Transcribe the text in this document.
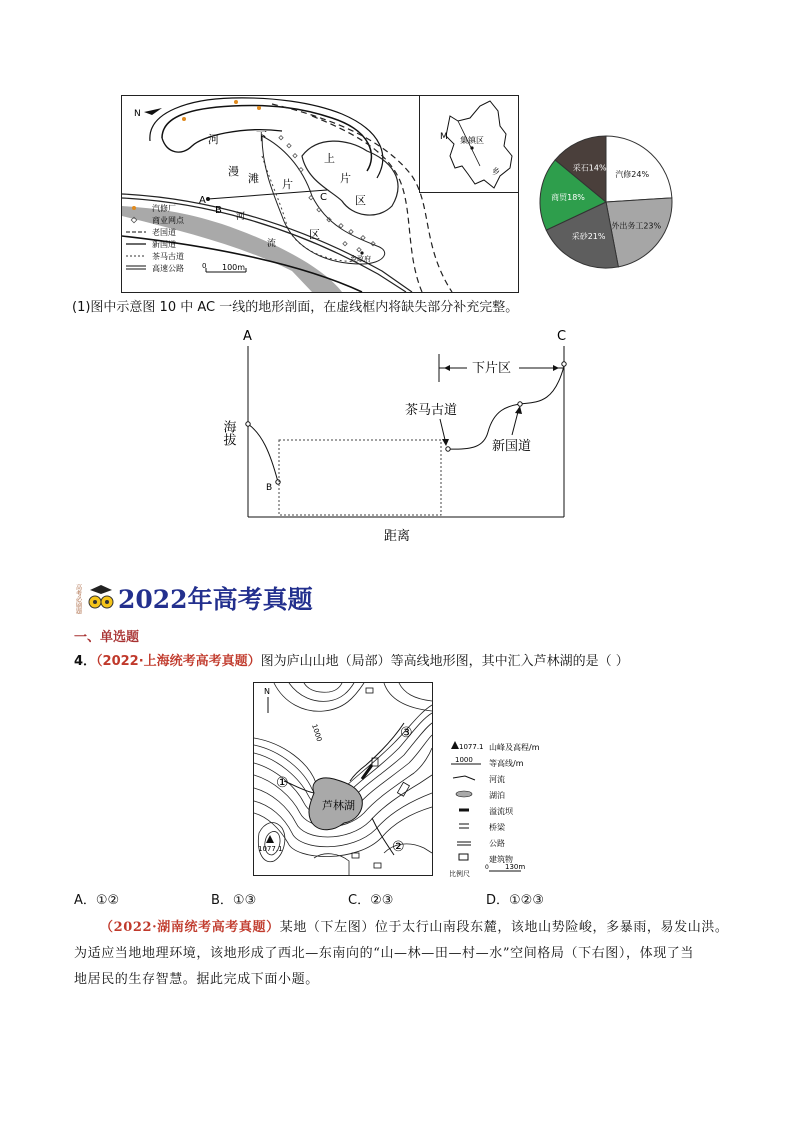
N
河
漫
滩
河
流
下
片
区
上
片
区
A
B
C
乡政府
汽修厂
商业网点
老国道
新国道
茶马古道
高速公路	0 100m
M 集镇区
乡	汽修24%
外出务工23%
采砂21%
商贸18%
采石14%
(1)图中示意图 10 中 AC 一线的地形剖面，在虚线框内将缺失部分补充完整。
A	C
B
下片区
茶马古道
新国道
海拔
距离
高考必刷题 2022年高考真题
一、单选题
4．（2022·上海统考高考真题）图为庐山山地（局部）等高线地形图，其中汇入芦林湖的是（ ）
芦林湖
1077.1
1000
N
①
②
③
1077.1 山峰及高程/m
1000 等高线/m
河流
湖泊
溢流坝
桥梁
公路
建筑物
比例尺
0 130m
A．①②	B．①③	C．②③	D．①②③
（2022·湖南统考高考真题）某地（下左图）位于太行山南段东麓，该地山势险峻，多暴雨，易发山洪。
为适应当地地理环境，该地形成了西北—东南向的“山—林—田—村—水”空间格局（下右图），体现了当
地居民的生存智慧。据此完成下面小题。
